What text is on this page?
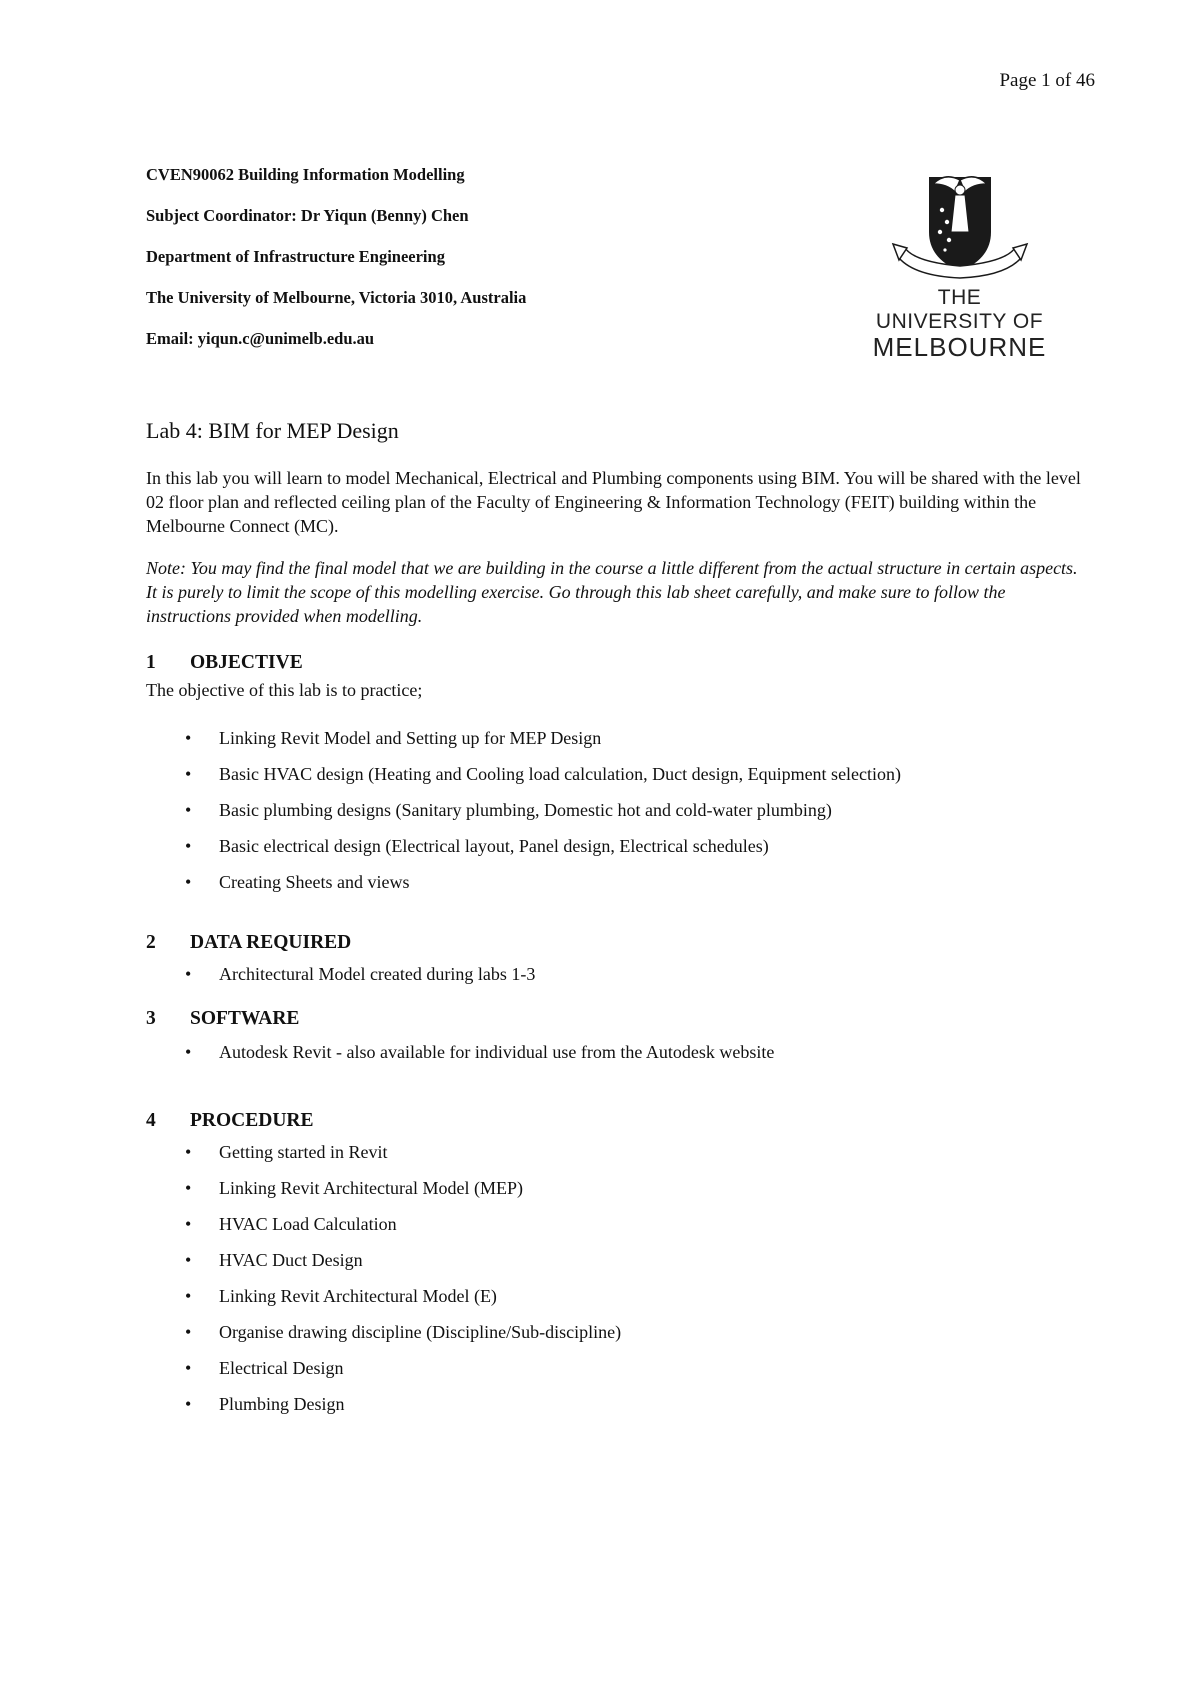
Page 1 of 46
CVEN90062 Building Information Modelling
Subject Coordinator: Dr Yiqun (Benny) Chen
Department of Infrastructure Engineering
The University of Melbourne, Victoria 3010, Australia
Email: yiqun.c@unimelb.edu.au
THE UNIVERSITY OF
MELBOURNE
Lab 4: BIM for MEP Design
In this lab you will learn to model Mechanical, Electrical and Plumbing components using BIM. You will be shared with the level 02 floor plan and reflected ceiling plan of the Faculty of Engineering & Information Technology (FEIT) building within the Melbourne Connect (MC).
Note: You may find the final model that we are building in the course a little different from the actual structure in certain aspects. It is purely to limit the scope of this modelling exercise. Go through this lab sheet carefully, and make sure to follow the instructions provided when modelling.
1 OBJECTIVE
The objective of this lab is to practice;
• Linking Revit Model and Setting up for MEP Design
• Basic HVAC design (Heating and Cooling load calculation, Duct design, Equipment selection)
• Basic plumbing designs (Sanitary plumbing, Domestic hot and cold-water plumbing)
• Basic electrical design (Electrical layout, Panel design, Electrical schedules)
• Creating Sheets and views
2 DATA REQUIRED
• Architectural Model created during labs 1-3
3 SOFTWARE
• Autodesk Revit - also available for individual use from the Autodesk website
4 PROCEDURE
• Getting started in Revit
• Linking Revit Architectural Model (MEP)
• HVAC Load Calculation
• HVAC Duct Design
• Linking Revit Architectural Model (E)
• Organise drawing discipline (Discipline/Sub-discipline)
• Electrical Design
• Plumbing Design
